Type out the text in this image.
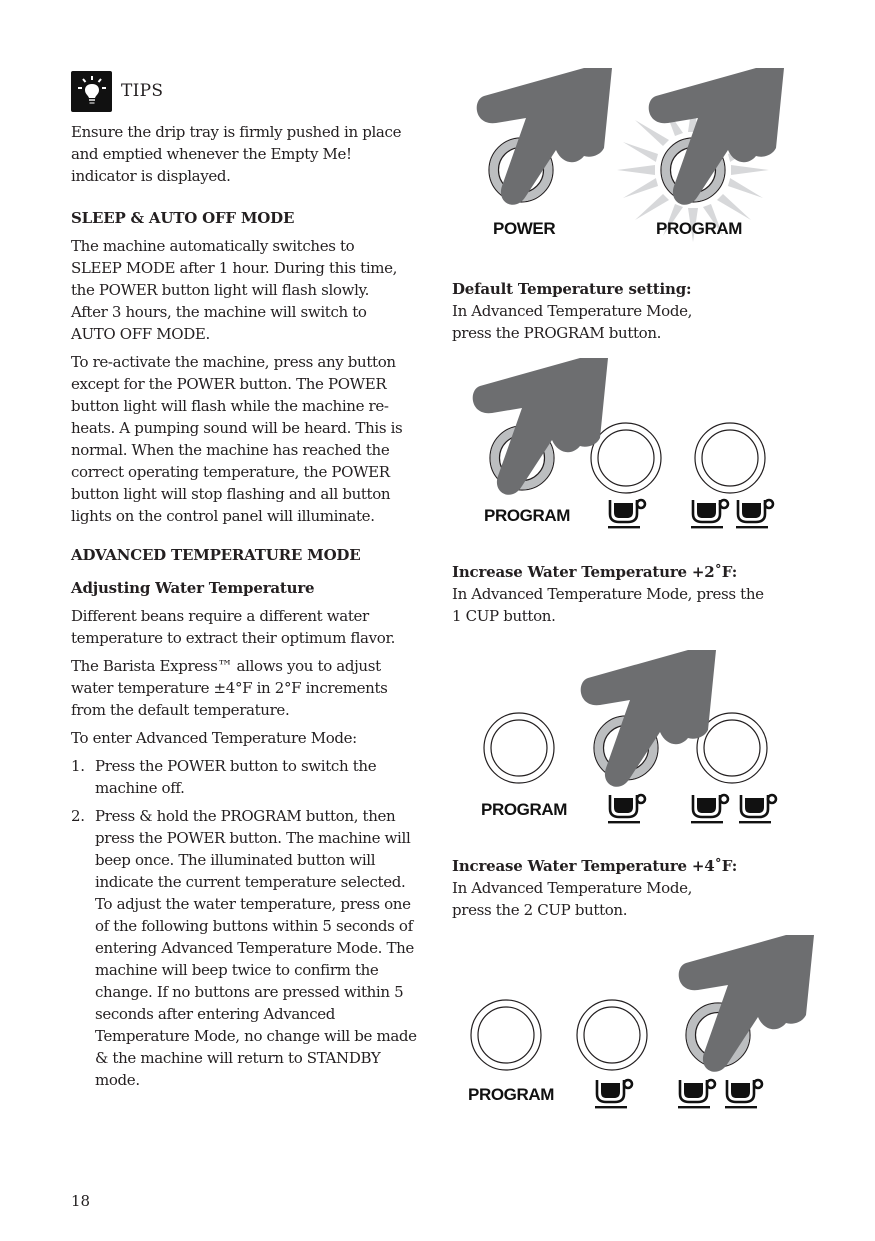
TIPS

Ensure the drip tray is firmly pushed in place and emptied whenever the Empty Me! indicator is displayed.

SLEEP & AUTO OFF MODE

The machine automatically switches to SLEEP MODE after 1 hour. During this time, the POWER button light will flash slowly. After 3 hours, the machine will switch to AUTO OFF MODE.

To re-activate the machine, press any button except for the POWER button. The POWER button light will flash while the machine re-heats. A pumping sound will be heard. This is normal. When the machine has reached the correct operating temperature, the POWER button light will stop flashing and all button lights on the control panel will illuminate.

ADVANCED TEMPERATURE MODE
Adjusting Water Temperature

Different beans require a different water temperature to extract their optimum flavor.

The Barista Express™ allows you to adjust water temperature ±4°F in 2°F increments from the default temperature.

To enter Advanced Temperature Mode:

1. Press the POWER button to switch the machine off.
2. Press & hold the PROGRAM button, then press the POWER button. The machine will beep once. The illuminated button will indicate the current temperature selected. To adjust the water temperature, press one of the following buttons within 5 seconds of entering Advanced Temperature Mode. The machine will beep twice to confirm the change. If no buttons are pressed within 5 seconds after entering Advanced Temperature Mode, no change will be made & the machine will return to STANDBY mode.
POWER	PROGRAM

Default Temperature setting:

In Advanced Temperature Mode,

press the PROGRAM button.

PROGRAM

Increase Water Temperature +2˚F:

In Advanced Temperature Mode, press the

1 CUP button.

PROGRAM

Increase Water Temperature +4˚F:

In Advanced Temperature Mode,

press the 2 CUP button.

PROGRAM
18
